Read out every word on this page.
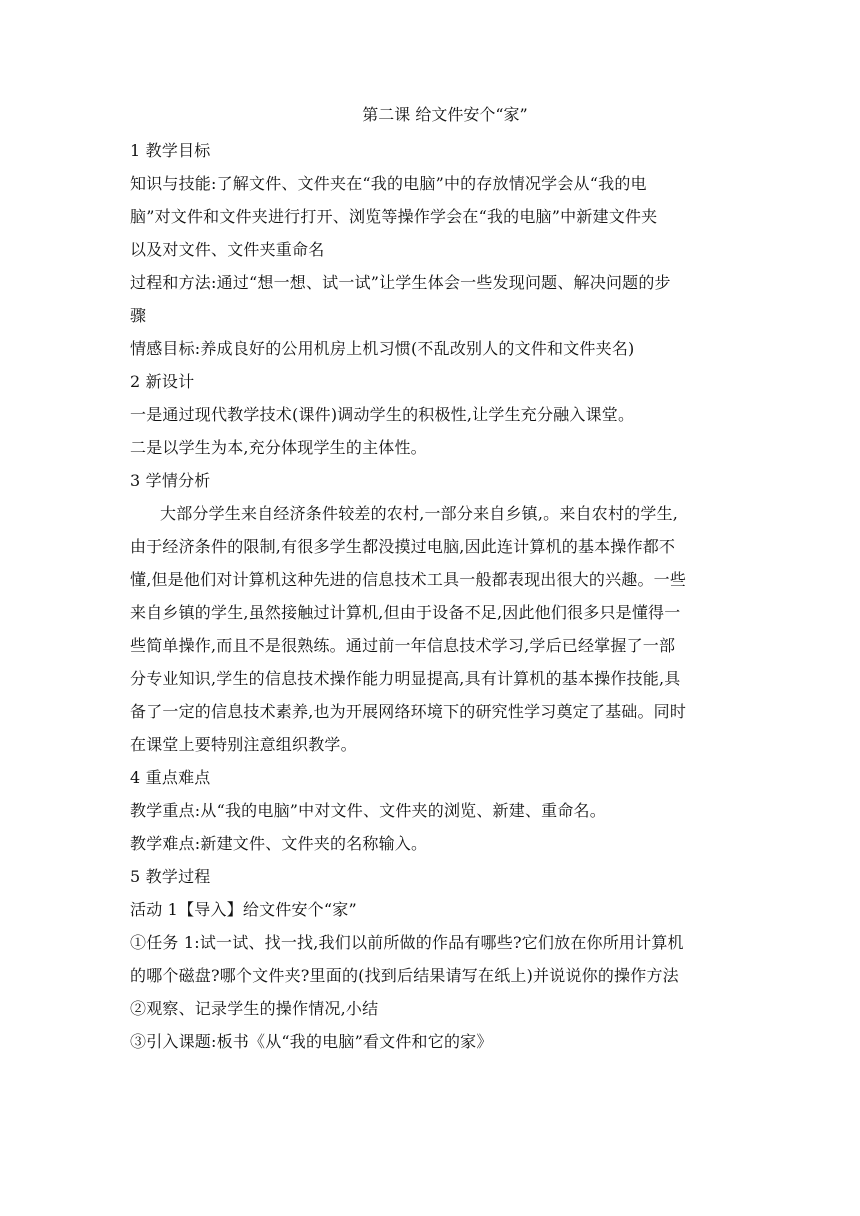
第二课 给文件安个“家”
1 教学目标
知识与技能:了解文件、文件夹在“我的电脑”中的存放情况学会从“我的电
脑”对文件和文件夹进行打开、浏览等操作学会在“我的电脑”中新建文件夹
以及对文件、文件夹重命名
过程和方法:通过“想一想、试一试”让学生体会一些发现问题、解决问题的步
骤
情感目标:养成良好的公用机房上机习惯(不乱改别人的文件和文件夹名)
2 新设计
一是通过现代教学技术(课件)调动学生的积极性,让学生充分融入课堂。
二是以学生为本,充分体现学生的主体性。
3 学情分析
大部分学生来自经济条件较差的农村,一部分来自乡镇,。来自农村的学生,
由于经济条件的限制,有很多学生都没摸过电脑,因此连计算机的基本操作都不
懂,但是他们对计算机这种先进的信息技术工具一般都表现出很大的兴趣。一些
来自乡镇的学生,虽然接触过计算机,但由于设备不足,因此他们很多只是懂得一
些简单操作,而且不是很熟练。通过前一年信息技术学习,学后已经掌握了一部
分专业知识,学生的信息技术操作能力明显提高,具有计算机的基本操作技能,具
备了一定的信息技术素养,也为开展网络环境下的研究性学习奠定了基础。同时
在课堂上要特别注意组织教学。
4 重点难点
教学重点:从“我的电脑”中对文件、文件夹的浏览、新建、重命名。
教学难点:新建文件、文件夹的名称输入。
5 教学过程
活动 1【导入】给文件安个“家”
①任务 1:试一试、找一找,我们以前所做的作品有哪些?它们放在你所用计算机
的哪个磁盘?哪个文件夹?里面的(找到后结果请写在纸上)并说说你的操作方法
②观察、记录学生的操作情况,小结
③引入课题:板书《从“我的电脑”看文件和它的家》
